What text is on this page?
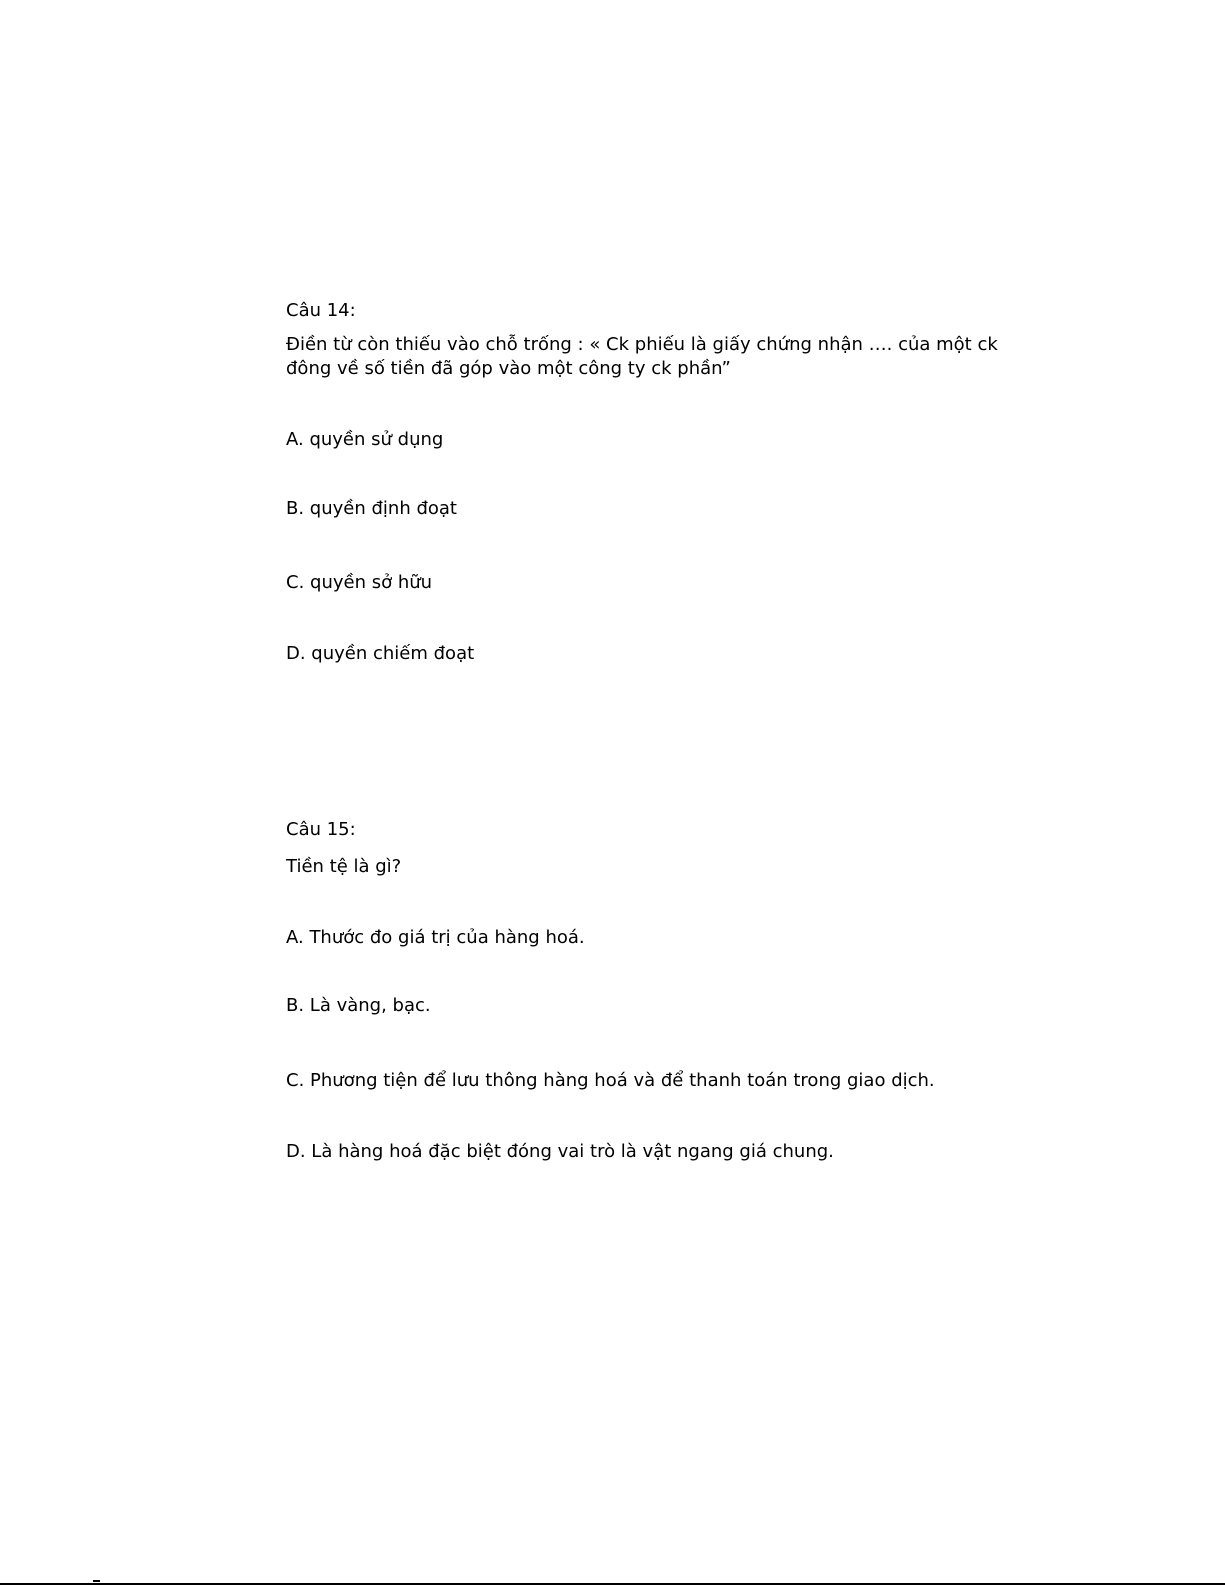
Câu 14:

Điền từ còn thiếu vào chỗ trống : « Ck phiếu là giấy chứng nhận …. của một ck đông về số tiền đã góp vào một công ty ck phần”

A. quyền sử dụng

B. quyền định đoạt

C. quyền sở hữu

D. quyền chiếm đoạt

Câu 15:

Tiền tệ là gì?

A. Thước đo giá trị của hàng hoá.

B. Là vàng, bạc.

C. Phương tiện để lưu thông hàng hoá và để thanh toán trong giao dịch.

D. Là hàng hoá đặc biệt đóng vai trò là vật ngang giá chung.
